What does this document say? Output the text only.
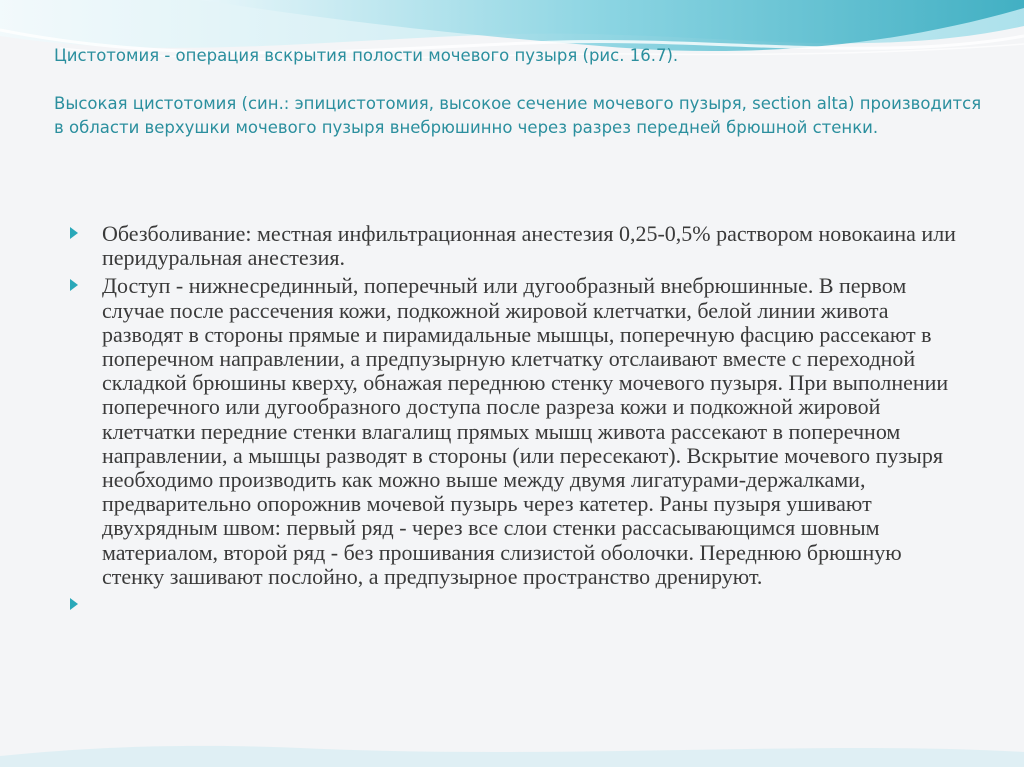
Цистотомия - операция вскрытия полости мочевого пузыря (рис. 16.7).
Высокая цистотомия (син.: эпицистотомия, высокое сечение мочевого пузыря, section alta) производится в области верхушки мочевого пузыря внебрюшинно через разрез передней брюшной стенки.
Обезболивание: местная инфильтрационная анестезия 0,25-0,5% раствором новокаина или перидуральная анестезия.
Доступ - нижнесрединный, поперечный или дугообразный внебрюшинные. В первом случае после рассечения кожи, подкожной жировой клетчатки, белой линии живота разводят в стороны прямые и пирамидальные мышцы, поперечную фасцию рассекают в поперечном направлении, а предпузырную клетчатку отслаивают вместе с переходной складкой брюшины кверху, обнажая переднюю стенку мочевого пузыря. При выполнении поперечного или дугообразного доступа после разреза кожи и подкожной жировой клетчатки передние стенки влагалищ прямых мышц живота рассекают в поперечном направлении, а мышцы разводят в стороны (или пересекают). Вскрытие мочевого пузыря необходимо производить как можно выше между двумя лигатурами-держалками, предварительно опорожнив мочевой пузырь через катетер. Раны пузыря ушивают двухрядным швом: первый ряд - через все слои стенки рассасывающимся шовным материалом, второй ряд - без прошивания слизистой оболочки. Переднюю брюшную стенку зашивают послойно, а предпузырное пространство дренируют.
